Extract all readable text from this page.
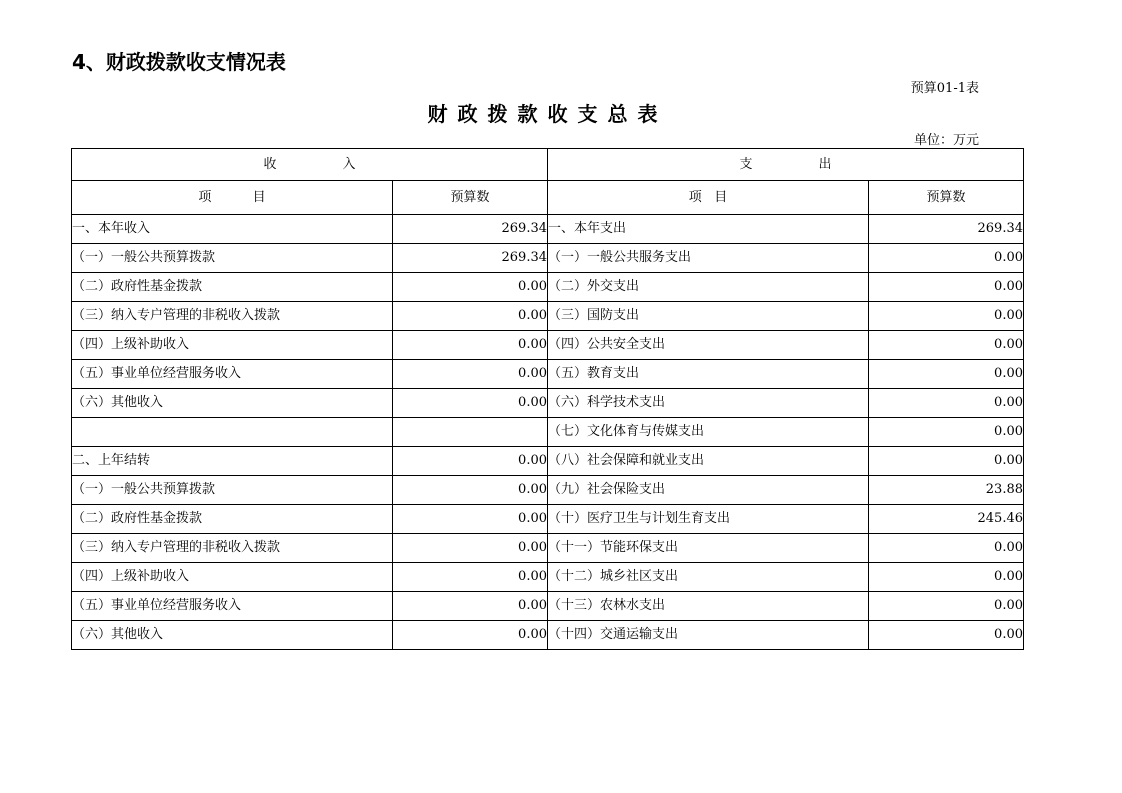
4、财政拨款收支情况表
预算01-1表
财政拨款收支总表
单位：万元
收                入		支                出	
项          目	预算数	项   目	预算数
一、本年收入	269.34	一、本年支出	269.34
（一）一般公共预算拨款	269.34	（一）一般公共服务支出	0.00
（二）政府性基金拨款	0.00	（二）外交支出	0.00
（三）纳入专户管理的非税收入拨款	0.00	（三）国防支出	0.00
（四）上级补助收入	0.00	（四）公共安全支出	0.00
（五）事业单位经营服务收入	0.00	（五）教育支出	0.00
（六）其他收入	0.00	（六）科学技术支出	0.00
		（七）文化体育与传媒支出	0.00
二、上年结转	0.00	（八）社会保障和就业支出	0.00
（一）一般公共预算拨款	0.00	（九）社会保险支出	23.88
（二）政府性基金拨款	0.00	（十）医疗卫生与计划生育支出	245.46
（三）纳入专户管理的非税收入拨款	0.00	（十一）节能环保支出	0.00
（四）上级补助收入	0.00	（十二）城乡社区支出	0.00
（五）事业单位经营服务收入	0.00	（十三）农林水支出	0.00
（六）其他收入	0.00	（十四）交通运输支出	0.00
